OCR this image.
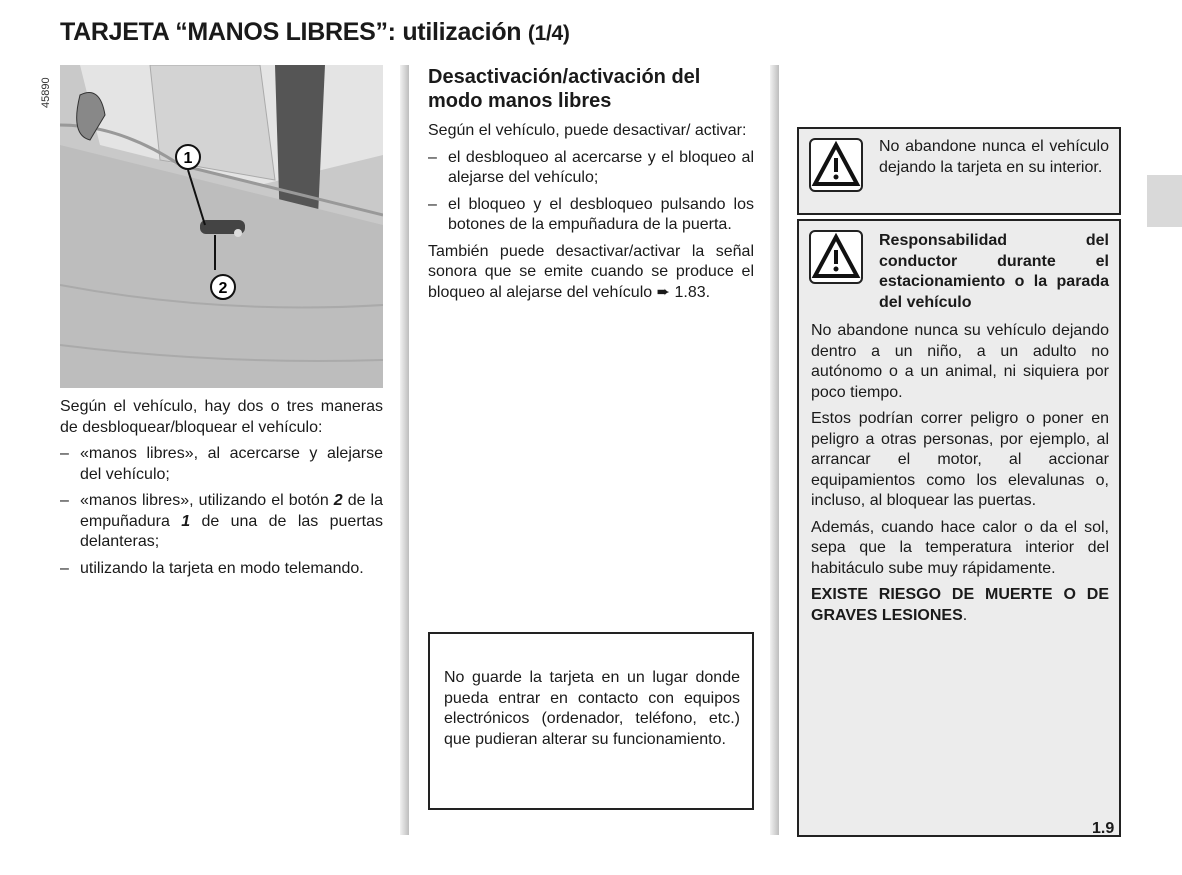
TARJETA “MANOS LIBRES”: utilización (1/4)
1
2
45890

Según el vehículo, hay dos o tres maneras de desbloquear/bloquear el vehículo:

– «manos libres», al acercarse y alejarse del vehículo;
– «manos libres», utilizando el botón 2 de la empuñadura 1 de una de las puertas delanteras;
– utilizando la tarjeta en modo telemando.
Desactivación/activación del modo manos libres

Según el vehículo, puede desactivar/ activar:

– el desbloqueo al acercarse y el bloqueo al alejarse del vehículo;
– el bloqueo y el desbloqueo pulsando los botones de la empuñadura de la puerta.

También puede desactivar/activar la señal sonora que se emite cuando se produce el bloqueo al alejarse del vehículo ➨ 1.83.

No guarde la tarjeta en un lugar donde pueda entrar en contacto con equipos electrónicos (ordenador, teléfono, etc.) que pudieran alterar su funcionamiento.

No abandone nunca el vehículo dejando la tarjeta en su interior.

Responsabilidad del conductor durante el estacionamiento o la parada del vehículo

No abandone nunca su vehículo dejando dentro a un niño, a un adulto no autónomo o a un animal, ni siquiera por poco tiempo.

Estos podrían correr peligro o poner en peligro a otras personas, por ejemplo, al arrancar el motor, al accionar equipamientos como los elevalunas o, incluso, al bloquear las puertas.

Además, cuando hace calor o da el sol, sepa que la temperatura interior del habitáculo sube muy rápidamente.

EXISTE RIESGO DE MUERTE O DE GRAVES LESIONES.

1.9
